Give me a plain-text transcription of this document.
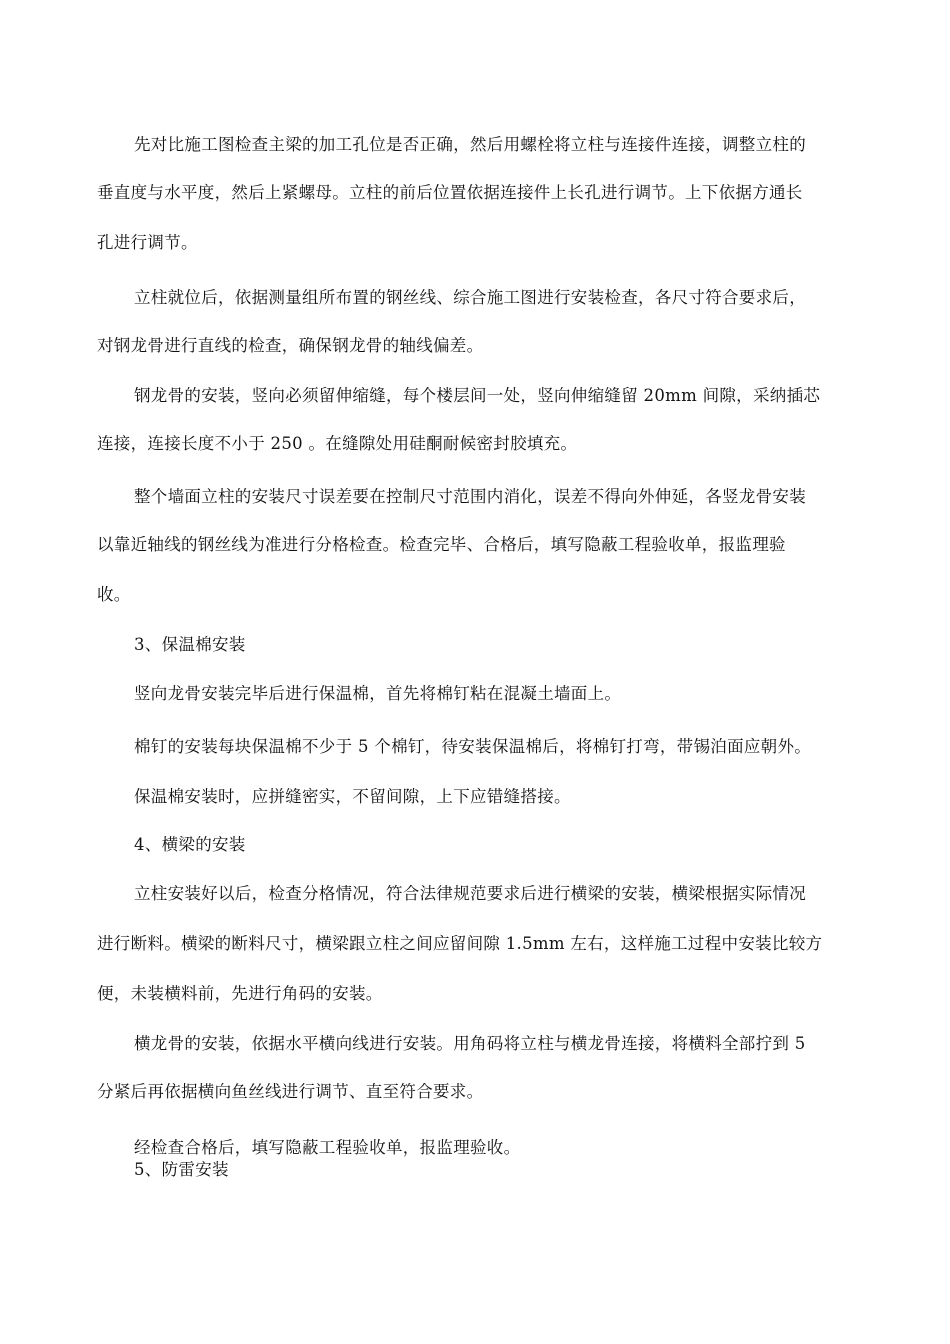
先对比施工图检查主梁的加工孔位是否正确，然后用螺栓将立柱与连接件连接，调整立柱的
垂直度与水平度，然后上紧螺母。立柱的前后位置依据连接件上长孔进行调节。上下依据方通长
孔进行调节。
立柱就位后，依据测量组所布置的钢丝线、综合施工图进行安装检查，各尺寸符合要求后，
对钢龙骨进行直线的检查，确保钢龙骨的轴线偏差。
钢龙骨的安装，竖向必须留伸缩缝，每个楼层间一处，竖向伸缩缝留 20mm 间隙，采纳插芯
连接，连接长度不小于 250 。在缝隙处用硅酮耐候密封胶填充。
整个墙面立柱的安装尺寸误差要在控制尺寸范围内消化，误差不得向外伸延，各竖龙骨安装
以靠近轴线的钢丝线为准进行分格检查。检查完毕、合格后，填写隐蔽工程验收单，报监理验
收。
3、保温棉安装
竖向龙骨安装完毕后进行保温棉，首先将棉钉粘在混凝土墙面上。
棉钉的安装每块保温棉不少于 5 个棉钉，待安装保温棉后，将棉钉打弯，带锡泊面应朝外。
保温棉安装时，应拼缝密实，不留间隙，上下应错缝搭接。
4、横梁的安装
立柱安装好以后，检查分格情况，符合法律规范要求后进行横梁的安装，横梁根据实际情况
进行断料。横梁的断料尺寸，横梁跟立柱之间应留间隙 1.5mm 左右，这样施工过程中安装比较方
便，未装横料前，先进行角码的安装。
横龙骨的安装，依据水平横向线进行安装。用角码将立柱与横龙骨连接，将横料全部拧到 5
分紧后再依据横向鱼丝线进行调节、直至符合要求。
经检查合格后，填写隐蔽工程验收单，报监理验收。
5、防雷安装
